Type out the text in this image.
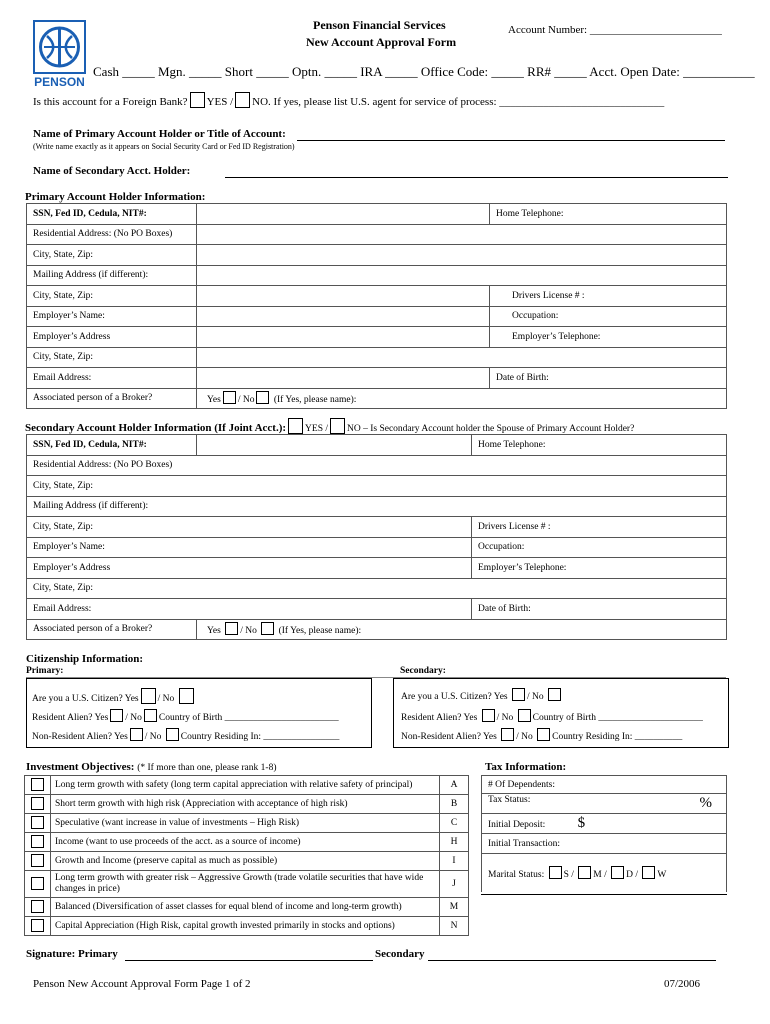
PENSON
Penson Financial Services
New Account Approval Form
Account Number: ________________________
Cash _____ Mgn. _____ Short _____ Optn. _____ IRA _____ Office Code: _____ RR# _____ Acct. Open Date: ___________
Is this account for a Foreign Bank? YES / NO. If yes, please list U.S. agent for service of process: ______________________________
Name of Primary Account Holder or Title of Account:
(Write name exactly as it appears on Social Security Card or Fed ID Registration)
Name of Secondary Acct. Holder:
Primary Account Holder Information:
SSN, Fed ID, Cedula, NIT#:		Home Telephone:
Residential Address: (No PO Boxes)		
City, State, Zip:		
Mailing Address (if different):		
City, State, Zip:		Drivers License # :
Employer’s Name:		Occupation:
Employer’s Address		Employer’s Telephone:
City, State, Zip:		
Email Address:		Date of Birth:
Associated person of a Broker?	Yes / No (If Yes, please name):	
Secondary Account Holder Information (If Joint Acct.): YES / NO – Is Secondary Account holder the Spouse of Primary Account Holder?
SSN, Fed ID, Cedula, NIT#:		Home Telephone:
Residential Address: (No PO Boxes)		
City, State, Zip:		
Mailing Address (if different):		
City, State, Zip:		Drivers License # :
Employer’s Name:		Occupation:
Employer’s Address		Employer’s Telephone:
City, State, Zip:		
Email Address:		Date of Birth:
Associated person of a Broker?	Yes / No (If Yes, please name):	
Citizenship Information:
Primary:	Secondary:
Are you a U.S. Citizen? Yes / No
Resident Alien? Yes / No Country of Birth ________________________
Non-Resident Alien? Yes / No Country Residing In: ________________
Are you a U.S. Citizen? Yes / No
Resident Alien? Yes / No Country of Birth ______________________
Non-Resident Alien? Yes / No Country Residing In: __________
Investment Objectives: (* If more than one, please rank 1-8)
	Long term growth with safety (long term capital appreciation with relative safety of principal)	A
	Short term growth with high risk (Appreciation with acceptance of high risk)	B
	Speculative (want increase in value of investments – High Risk)	C
	Income (want to use proceeds of the acct. as a source of income)	H
	Growth and Income (preserve capital as much as possible)	I
	Long term growth with greater risk – Aggressive Growth (trade volatile securities that have wide changes in price)	J
	Balanced (Diversification of asset classes for equal blend of income and long-term growth)	M
	Capital Appreciation (High Risk, capital growth invested primarily in stocks and options)	N
Tax Information:
# Of Dependents:
Tax Status:	%

Initial Deposit: $
Initial Transaction:
Marital Status: S / M / D / W
Signature: Primary	Secondary
Penson New Account Approval Form Page 1 of 2	07/2006
